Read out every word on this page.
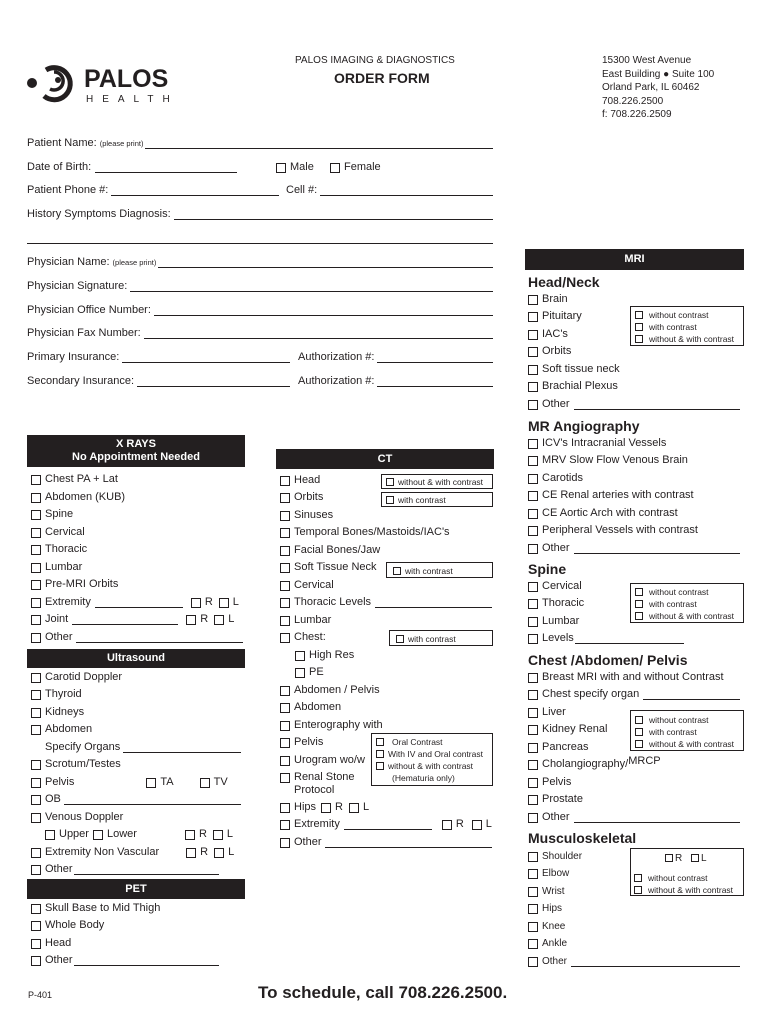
PALOS
HEALTH
PALOS IMAGING & DIAGNOSTICS
ORDER FORM
15300 West Avenue
East Building ● Suite 100
Orland Park, IL 60462
708.226.2500
f: 708.226.2509
Patient Name: (please print)
Date of Birth:	Male	Female
Patient Phone #:	Cell #:
History Symptoms Diagnosis:
Physician Name: (please print)
Physician Signature:
Physician Office Number:
Physician Fax Number:
Primary Insurance:	Authorization #:
Secondary Insurance:	Authorization #:
X RAYS
No Appointment Needed
Chest PA + Lat
Abdomen (KUB)
Spine
Cervical
Thoracic
Lumbar
Pre-MRI Orbits
Extremity	R L
Joint	R L
Other
Ultrasound
Carotid Doppler
Thyroid
Kidneys
Abdomen
Specify Organs
Scrotum/Testes
Pelvis	TA	TV
OB
Venous Doppler
Upper Lower	R L
Extremity Non Vascular	R L
Other
PET
Skull Base to Mid Thigh
Whole Body
Head
Other
CT
Head	without & with contrast
Orbits	with contrast
Sinuses
Temporal Bones/Mastoids/IAC's
Facial Bones/Jaw
Soft Tissue Neck	with contrast
Cervical
Thoracic Levels
Lumbar
Chest:	with contrast
High Res
PE
Abdomen / Pelvis
Abdomen
Enterography with
Pelvis
Urogram wo/w
Renal Stone
Protocol
Oral Contrast
With IV and Oral contrast
without & with contrast
(Hematuria only)
Hips R L
Extremity	R L
Other
MRI
Head/Neck
Brain
Pituitary
IAC's
Orbits
Soft tissue neck
Brachial Plexus
Other
without contrast
with contrast
without & with contrast
MR Angiography
ICV's Intracranial Vessels
MRV Slow Flow Venous Brain
Carotids
CE Renal arteries with contrast
CE Aortic Arch with contrast
Peripheral Vessels with contrast
Other
Spine
Cervical
Thoracic
Lumbar
Levels
without contrast
with contrast
without & with contrast
Chest /Abdomen/ Pelvis
Breast MRI with and without Contrast
Chest specify organ
Liver
Kidney Renal
Pancreas
Cholangiography/ MRCP
Pelvis
Prostate
Other
without contrast
with contrast
without & with contrast
Musculoskeletal
Shoulder
Elbow
Wrist
Hips
Knee
Ankle
Other
R L
without contrast
without & with contrast
P-401	To schedule, call 708.226.2500.
